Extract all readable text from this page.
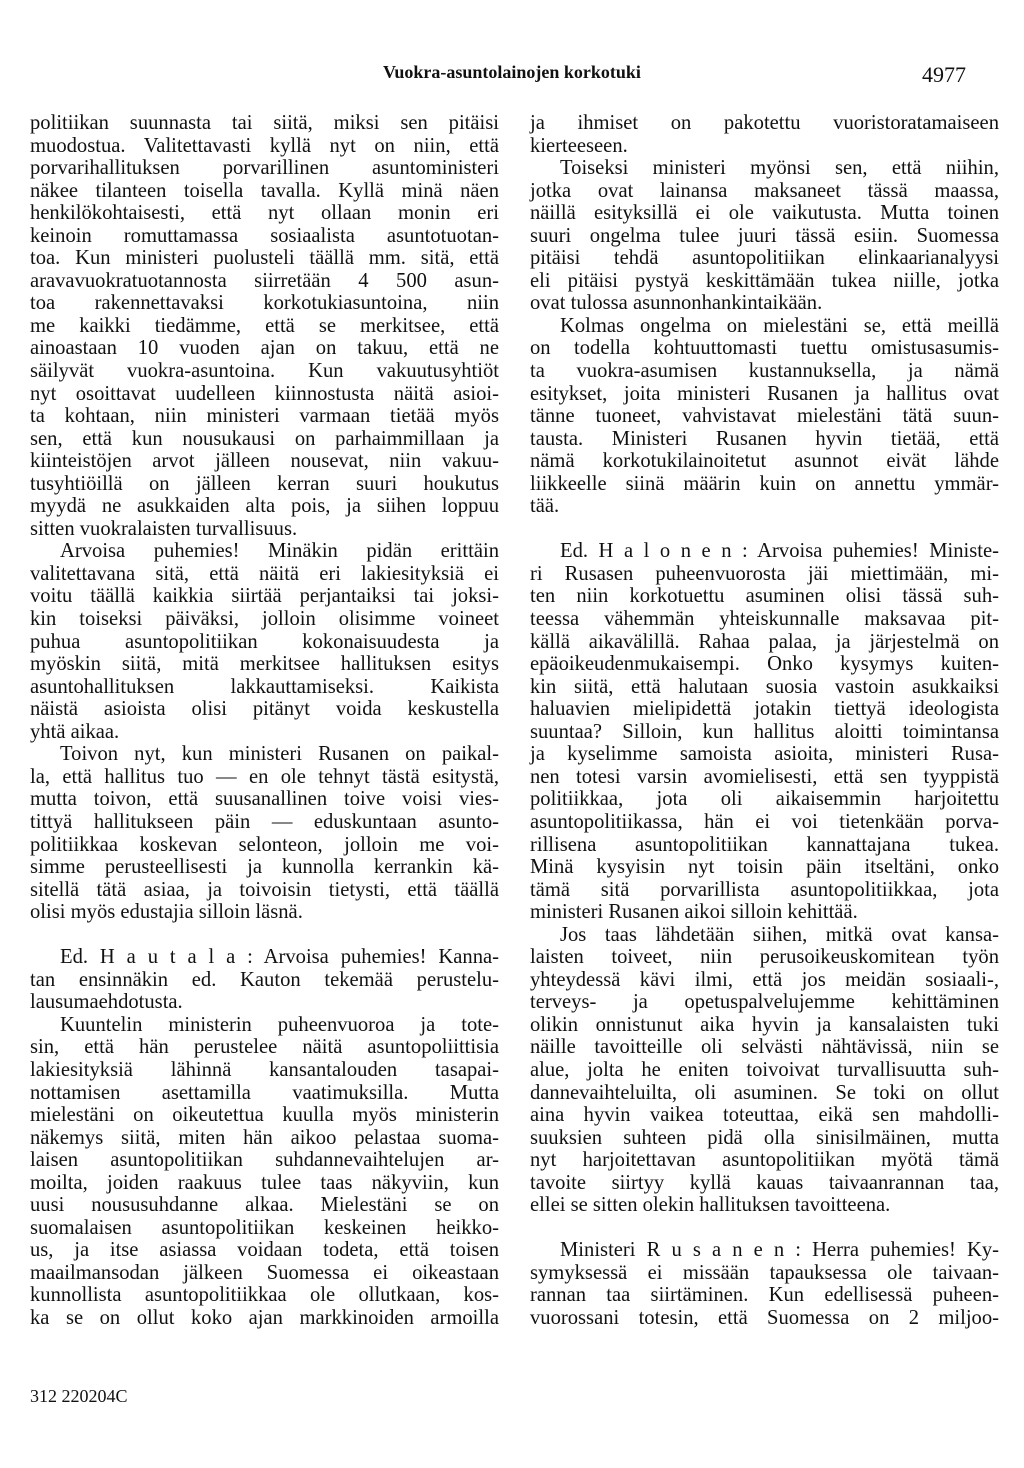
Vuokra-asuntolainojen korkotuki	4977
politiikan suunnasta tai siitä, miksi sen pitäisi
muodostua. Valitettavasti kyllä nyt on niin, että
porvarihallituksen porvarillinen asuntoministeri
näkee tilanteen toisella tavalla. Kyllä minä näen
henkilökohtaisesti, että nyt ollaan monin eri
keinoin romuttamassa sosiaalista asuntotuotan-
toa. Kun ministeri puolusteli täällä mm. sitä, että
aravavuokratuotannosta siirretään 4 500 asun-
toa rakennettavaksi korkotukiasuntoina, niin
me kaikki tiedämme, että se merkitsee, että
ainoastaan 10 vuoden ajan on takuu, että ne
säilyvät vuokra-asuntoina. Kun vakuutusyhtiöt
nyt osoittavat uudelleen kiinnostusta näitä asioi-
ta kohtaan, niin ministeri varmaan tietää myös
sen, että kun nousukausi on parhaimmillaan ja
kiinteistöjen arvot jälleen nousevat, niin vakuu-
tusyhtiöillä on jälleen kerran suuri houkutus
myydä ne asukkaiden alta pois, ja siihen loppuu
sitten vuokralaisten turvallisuus.
Arvoisa puhemies! Minäkin pidän erittäin
valitettavana sitä, että näitä eri lakiesityksiä ei
voitu täällä kaikkia siirtää perjantaiksi tai joksi-
kin toiseksi päiväksi, jolloin olisimme voineet
puhua asuntopolitiikan kokonaisuudesta ja
myöskin siitä, mitä merkitsee hallituksen esitys
asuntohallituksen lakkauttamiseksi. Kaikista
näistä asioista olisi pitänyt voida keskustella
yhtä aikaa.
Toivon nyt, kun ministeri Rusanen on paikal-
la, että hallitus tuo — en ole tehnyt tästä esitystä,
mutta toivon, että suusanallinen toive voisi vies-
tittyä hallitukseen päin — eduskuntaan asunto-
politiikkaa koskevan selonteon, jolloin me voi-
simme perusteellisesti ja kunnolla kerrankin kä-
sitellä tätä asiaa, ja toivoisin tietysti, että täällä
olisi myös edustajia silloin läsnä.
Ed. H a u t a l a : Arvoisa puhemies! Kanna-
tan ensinnäkin ed. Kauton tekemää perustelu-
lausumaehdotusta.
Kuuntelin ministerin puheenvuoroa ja tote-
sin, että hän perustelee näitä asuntopoliittisia
lakiesityksiä lähinnä kansantalouden tasapai-
nottamisen asettamilla vaatimuksilla. Mutta
mielestäni on oikeutettua kuulla myös ministerin
näkemys siitä, miten hän aikoo pelastaa suoma-
laisen asuntopolitiikan suhdannevaihtelujen ar-
moilta, joiden raakuus tulee taas näkyviin, kun
uusi noususuhdanne alkaa. Mielestäni se on
suomalaisen asuntopolitiikan keskeinen heikko-
us, ja itse asiassa voidaan todeta, että toisen
maailmansodan jälkeen Suomessa ei oikeastaan
kunnollista asuntopolitiikkaa ole ollutkaan, kos-
ka se on ollut koko ajan markkinoiden armoilla
ja ihmiset on pakotettu vuoristoratamaiseen
kierteeseen.
Toiseksi ministeri myönsi sen, että niihin,
jotka ovat lainansa maksaneet tässä maassa,
näillä esityksillä ei ole vaikutusta. Mutta toinen
suuri ongelma tulee juuri tässä esiin. Suomessa
pitäisi tehdä asuntopolitiikan elinkaarianalyysi
eli pitäisi pystyä keskittämään tukea niille, jotka
ovat tulossa asunnonhankintaikään.
Kolmas ongelma on mielestäni se, että meillä
on todella kohtuuttomasti tuettu omistusasumis-
ta vuokra-asumisen kustannuksella, ja nämä
esitykset, joita ministeri Rusanen ja hallitus ovat
tänne tuoneet, vahvistavat mielestäni tätä suun-
tausta. Ministeri Rusanen hyvin tietää, että
nämä korkotukilainoitetut asunnot eivät lähde
liikkeelle siinä määrin kuin on annettu ymmär-
tää.
Ed. H a l o n e n : Arvoisa puhemies! Ministe-
ri Rusasen puheenvuorosta jäi miettimään, mi-
ten niin korkotuettu asuminen olisi tässä suh-
teessa vähemmän yhteiskunnalle maksavaa pit-
källä aikavälillä. Rahaa palaa, ja järjestelmä on
epäoikeudenmukaisempi. Onko kysymys kuiten-
kin siitä, että halutaan suosia vastoin asukkaiksi
haluavien mielipidettä jotakin tiettyä ideologista
suuntaa? Silloin, kun hallitus aloitti toimintansa
ja kyselimme samoista asioita, ministeri Rusa-
nen totesi varsin avomielisesti, että sen tyyppistä
politiikkaa, jota oli aikaisemmin harjoitettu
asuntopolitiikassa, hän ei voi tietenkään porva-
rillisena asuntopolitiikan kannattajana tukea.
Minä kysyisin nyt toisin päin itseltäni, onko
tämä sitä porvarillista asuntopolitiikkaa, jota
ministeri Rusanen aikoi silloin kehittää.
Jos taas lähdetään siihen, mitkä ovat kansa-
laisten toiveet, niin perusoikeuskomitean työn
yhteydessä kävi ilmi, että jos meidän sosiaali-,
terveys- ja opetuspalvelujemme kehittäminen
olikin onnistunut aika hyvin ja kansalaisten tuki
näille tavoitteille oli selvästi nähtävissä, niin se
alue, jolta he eniten toivoivat turvallisuutta suh-
dannevaihteluilta, oli asuminen. Se toki on ollut
aina hyvin vaikea toteuttaa, eikä sen mahdolli-
suuksien suhteen pidä olla sinisilmäinen, mutta
nyt harjoitettavan asuntopolitiikan myötä tämä
tavoite siirtyy kyllä kauas taivaanrannan taa,
ellei se sitten olekin hallituksen tavoitteena.
Ministeri R u s a n e n : Herra puhemies! Ky-
symyksessä ei missään tapauksessa ole taivaan-
rannan taa siirtäminen. Kun edellisessä puheen-
vuorossani totesin, että Suomessa on 2 miljoo-
312 220204C
